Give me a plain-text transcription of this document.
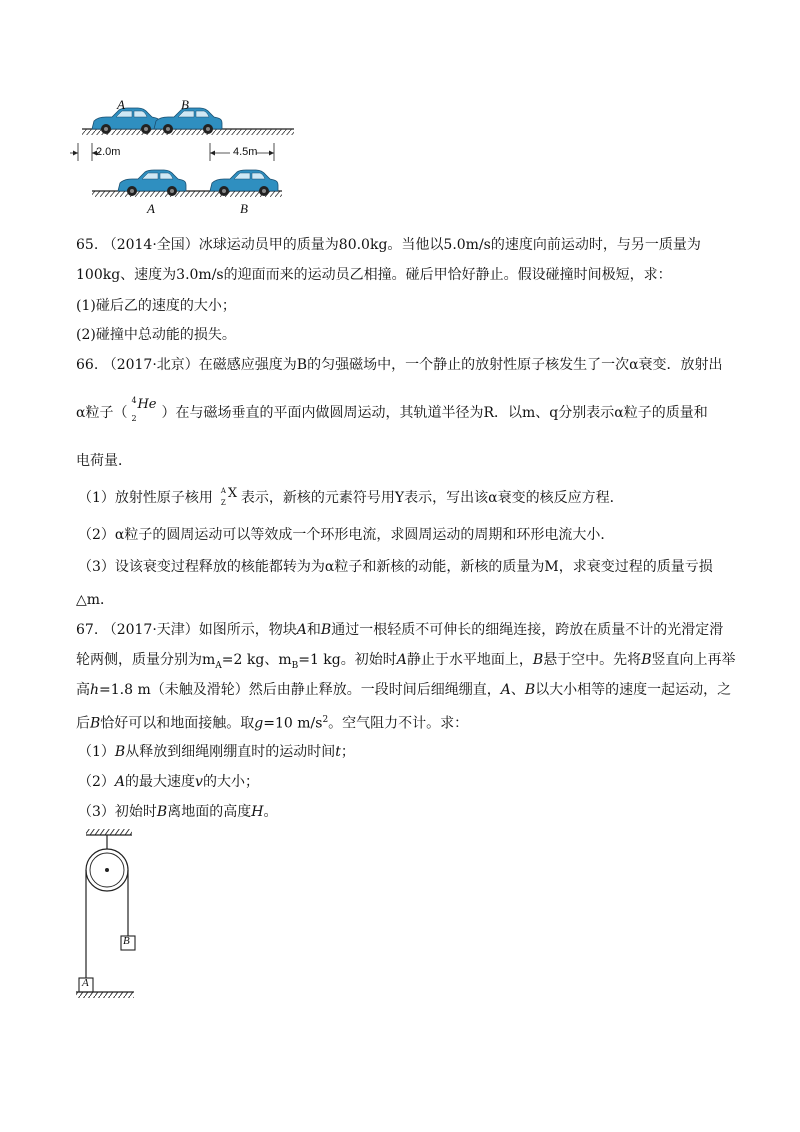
A	B
2.0m	4.5m
A	B
65. （2014·全国）冰球运动员甲的质量为80.0kg。当他以5.0m/s的速度向前运动时，与另一质量为
100kg、速度为3.0m/s的迎面而来的运动员乙相撞。碰后甲恰好静止。假设碰撞时间极短，求：
(1)碰后乙的速度的大小；
(2)碰撞中总动能的损失。
66. （2017·北京）在磁感应强度为B的匀强磁场中，一个静止的放射性原子核发生了一次α衰变．放射出
α粒子（
4
2
He
）在与磁场垂直的平面内做圆周运动，其轨道半径为R．以m、q分别表示α粒子的质量和
电荷量．
（1）放射性原子核用 A
Z
X 表示，新核的元素符号用Y表示，写出该α衰变的核反应方程．
（2）α粒子的圆周运动可以等效成一个环形电流，求圆周运动的周期和环形电流大小．
（3）设该衰变过程释放的核能都转为为α粒子和新核的动能，新核的质量为M，求衰变过程的质量亏损
△m．
67. （2017·天津）如图所示，物块A和B通过一根轻质不可伸长的细绳连接，跨放在质量不计的光滑定滑
轮两侧，质量分别为$m_A=2$ kg、$m_B=1$ kg。初始时A静止于水平地面上，B悬于空中。先将B竖直向上再举
高h=1.8 m（未触及滑轮）然后由静止释放。一段时间后细绳绷直，A、B以大小相等的速度一起运动，之
后B恰好可以和地面接触。取g=10 $m/s^2$。空气阻力不计。求：
（1）B从释放到细绳刚绷直时的运动时间t；
（2）A的最大速度v的大小；
（3）初始时B离地面的高度H。
B
A
